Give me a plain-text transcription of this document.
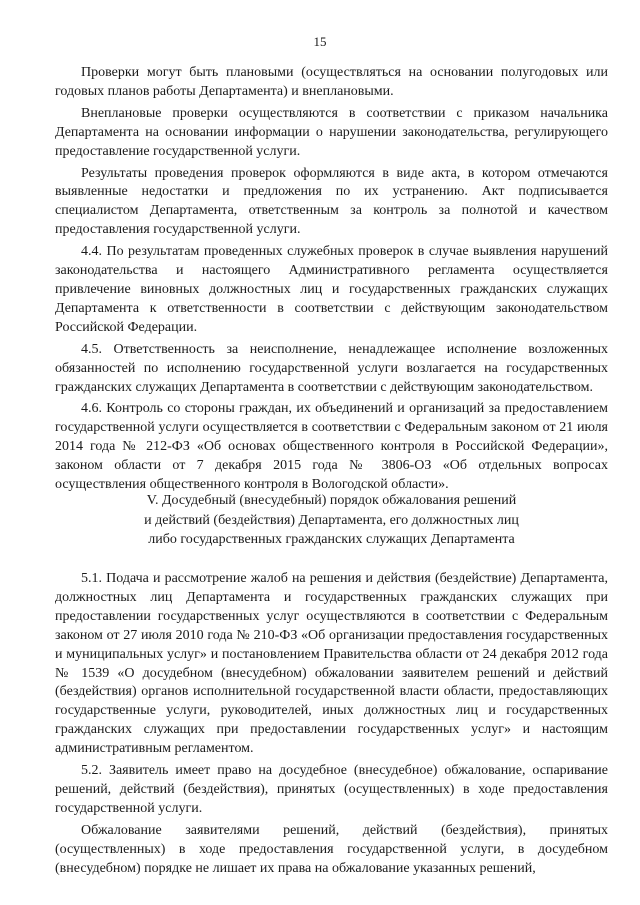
15

Проверки могут быть плановыми (осуществляться на основании полугодовых или годовых планов работы Департамента) и внеплановыми.

Внеплановые проверки осуществляются в соответствии с приказом начальника Департамента на основании информации о нарушении законодательства, регулирующего предоставление государственной услуги.

Результаты проведения проверок оформляются в виде акта, в котором отмечаются выявленные недостатки и предложения по их устранению. Акт подписывается специалистом Департамента, ответственным за контроль за полнотой и качеством предоставления государственной услуги.

4.4. По результатам проведенных служебных проверок в случае выявления нарушений законодательства и настоящего Административного регламента осуществляется привлечение виновных должностных лиц и государственных гражданских служащих Департамента к ответственности в соответствии с действующим законодательством Российской Федерации.

4.5. Ответственность за неисполнение, ненадлежащее исполнение возложенных обязанностей по исполнению государственной услуги возлагается на государственных гражданских служащих Департамента в соответствии с действующим законодательством.

4.6. Контроль со стороны граждан, их объединений и организаций за предоставлением государственной услуги осуществляется в соответствии с Федеральным законом от 21 июля 2014 года № 212-ФЗ «Об основах общественного контроля в Российской Федерации», законом области от 7 декабря 2015 года № 3806-ОЗ «Об отдельных вопросах осуществления общественного контроля в Вологодской области».

V. Досудебный (внесудебный) порядок обжалования решений
и действий (бездействия) Департамента, его должностных лиц
либо государственных гражданских служащих Департамента

5.1. Подача и рассмотрение жалоб на решения и действия (бездействие) Департамента, должностных лиц Департамента и государственных гражданских служащих при предоставлении государственных услуг осуществляются в соответствии с Федеральным законом от 27 июля 2010 года № 210-ФЗ «Об организации предоставления государственных и муниципальных услуг» и постановлением Правительства области от 24 декабря 2012 года № 1539 «О досудебном (внесудебном) обжаловании заявителем решений и действий (бездействия) органов исполнительной государственной власти области, предоставляющих государственные услуги, руководителей, иных должностных лиц и государственных гражданских служащих при предоставлении государственных услуг» и настоящим административным регламентом.

5.2. Заявитель имеет право на досудебное (внесудебное) обжалование, оспаривание решений, действий (бездействия), принятых (осуществленных) в ходе предоставления государственной услуги.

Обжалование заявителями решений, действий (бездействия), принятых (осуществленных) в ходе предоставления государственной услуги, в досудебном (внесудебном) порядке не лишает их права на обжалование указанных решений,
